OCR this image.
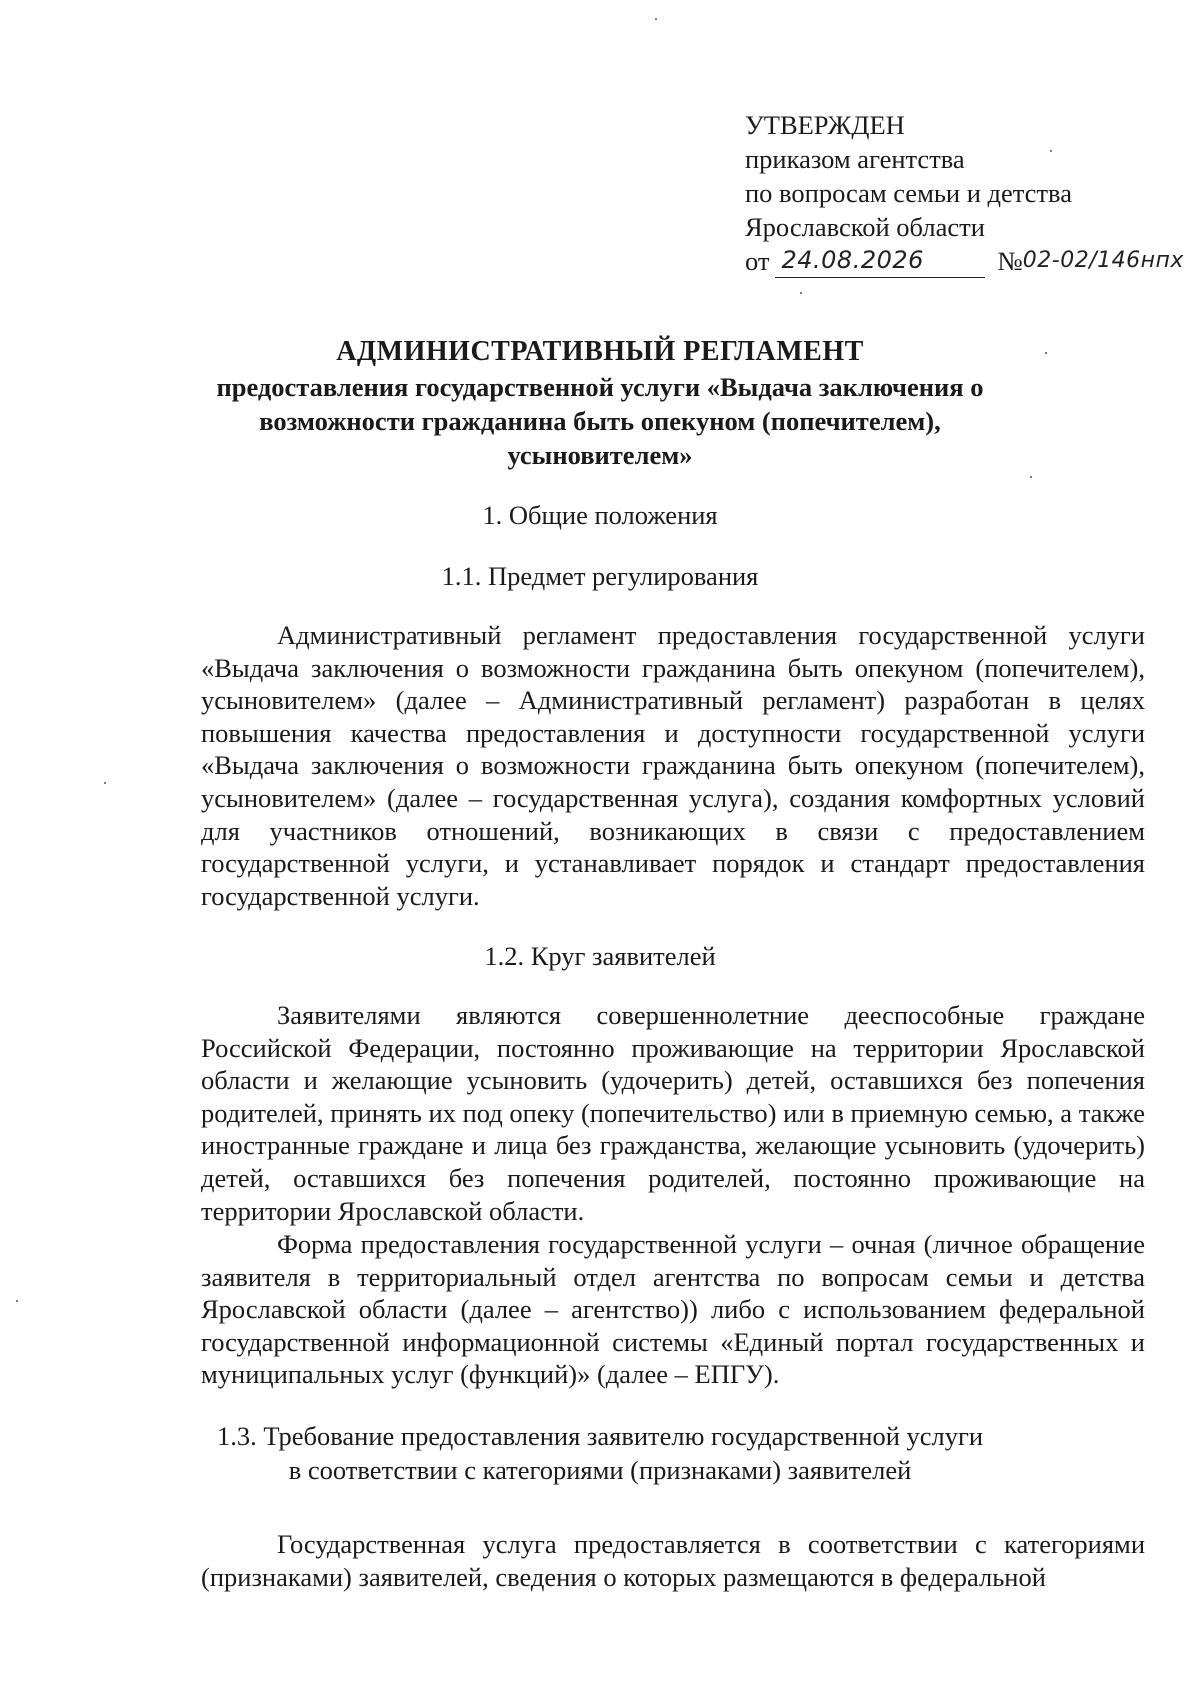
УТВЕРЖДЕН
приказом агентства
по вопросам семьи и детства
Ярославской области
от 24.08.2026	№ 02-02/146нпх
АДМИНИСТРАТИВНЫЙ РЕГЛАМЕНТ
предоставления государственной услуги «Выдача заключения о возможности гражданина быть опекуном (попечителем), усыновителем»
1. Общие положения
1.1. Предмет регулирования

Административный регламент предоставления государственной услуги «Выдача заключения о возможности гражданина быть опекуном (попечителем), усыновителем» (далее – Административный регламент) разработан в целях повышения качества предоставления и доступности государственной услуги «Выдача заключения о возможности гражданина быть опекуном (попечителем), усыновителем» (далее – государственная услуга), создания комфортных условий для участников отношений, возникающих в связи с предоставлением государственной услуги, и устанавливает порядок и стандарт предоставления государственной услуги.

1.2. Круг заявителей

Заявителями являются совершеннолетние дееспособные граждане Российской Федерации, постоянно проживающие на территории Ярославской области и желающие усыновить (удочерить) детей, оставшихся без попечения родителей, принять их под опеку (попечительство) или в приемную семью, а также иностранные граждане и лица без гражданства, желающие усыновить (удочерить) детей, оставшихся без попечения родителей, постоянно проживающие на территории Ярославской области.

Форма предоставления государственной услуги – очная (личное обращение заявителя в территориальный отдел агентства по вопросам семьи и детства Ярославской области (далее – агентство)) либо с использованием федеральной государственной информационной системы «Единый портал государственных и муниципальных услуг (функций)» (далее – ЕПГУ).

1.3. Требование предоставления заявителю государственной услуги
в соответствии с категориями (признаками) заявителей

Государственная услуга предоставляется в соответствии с категориями (признаками) заявителей, сведения о которых размещаются в федеральной
